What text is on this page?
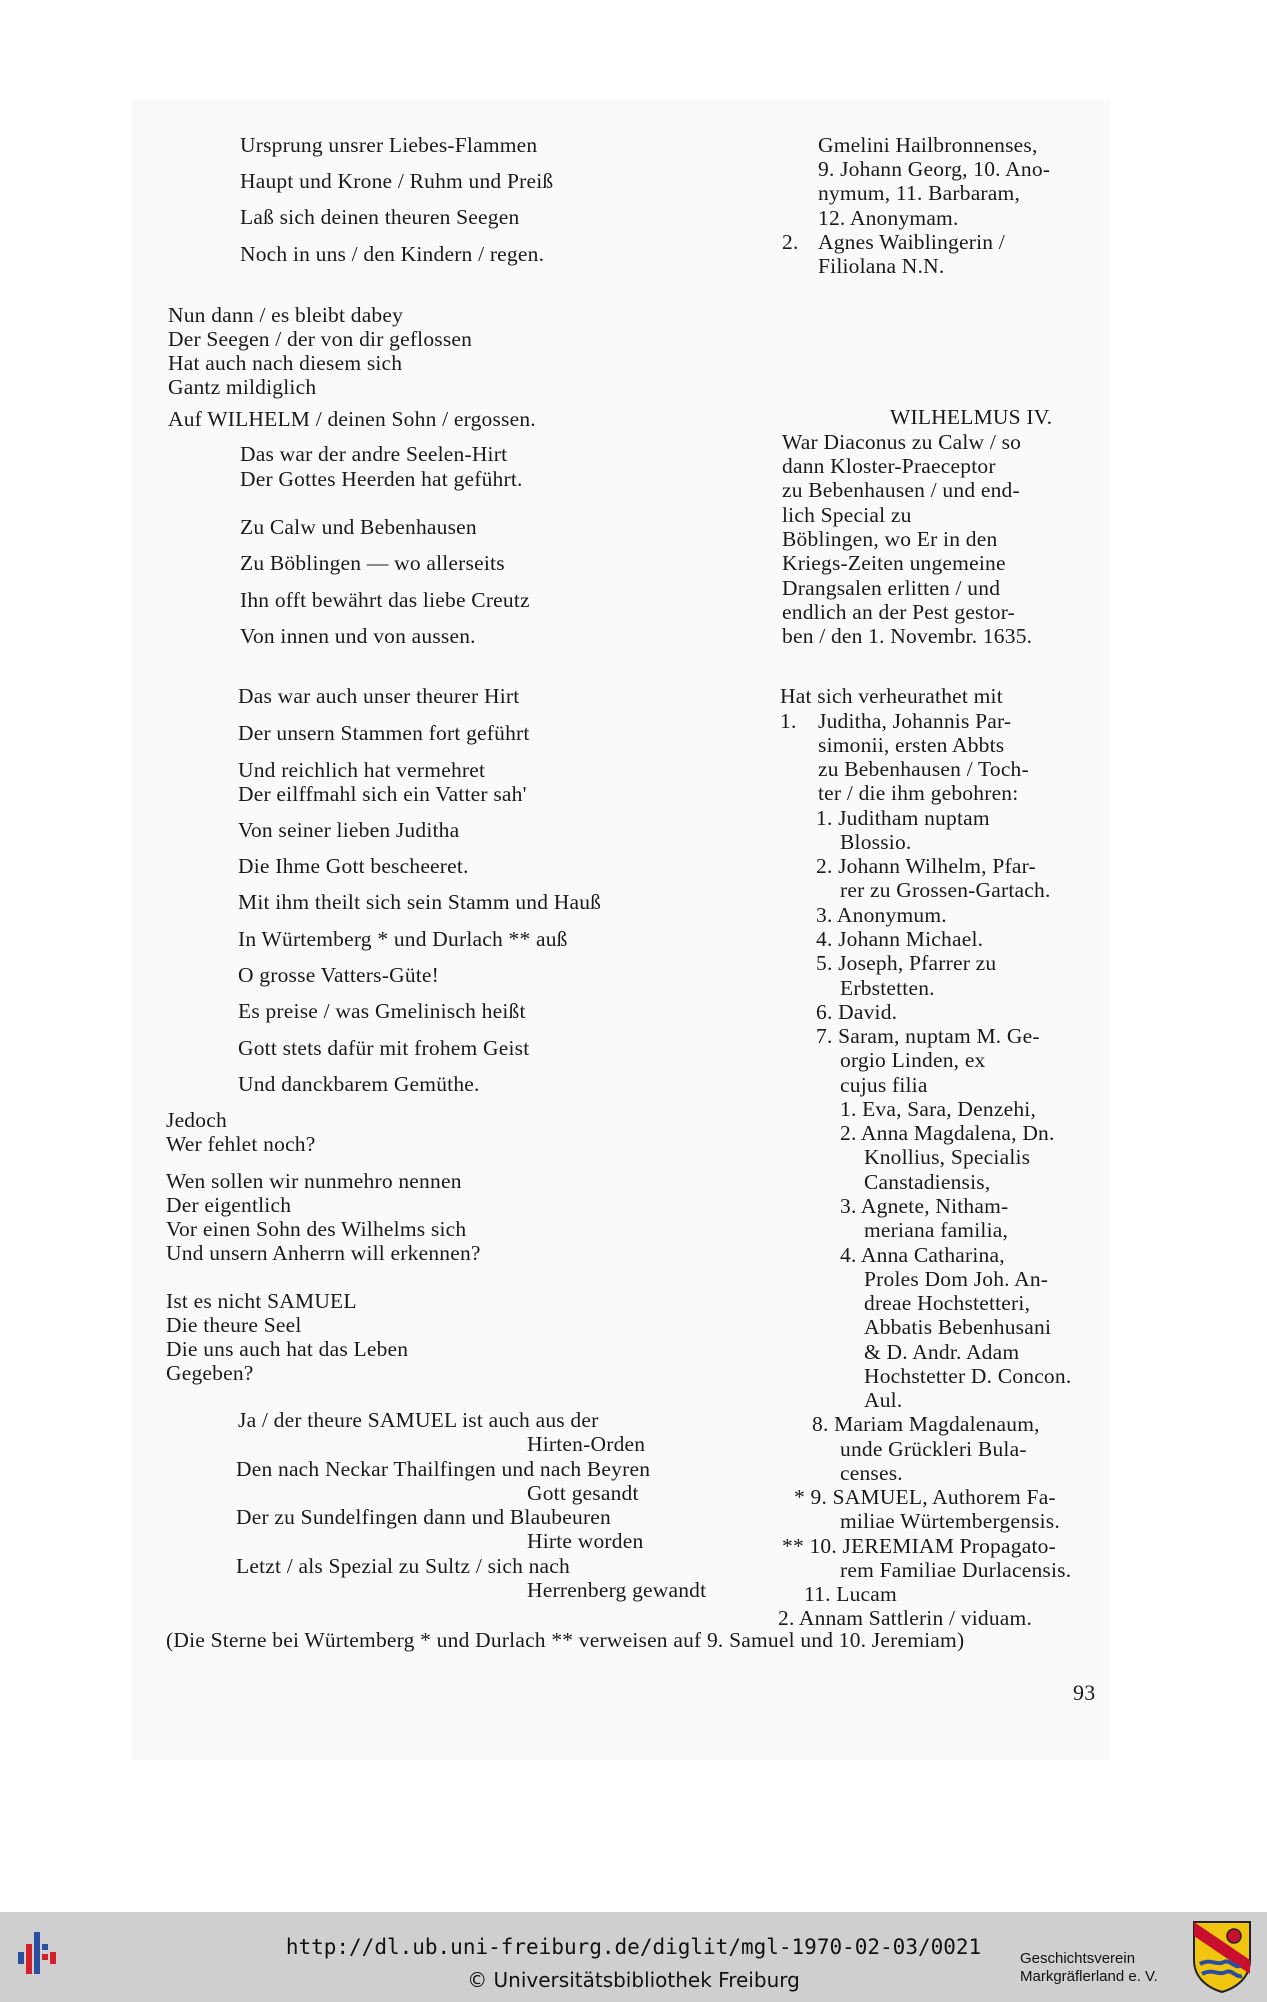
Ursprung unsrer Liebes-Flammen
Haupt und Krone / Ruhm und Preiß
Laß sich deinen theuren Seegen
Noch in uns / den Kindern / regen.
Nun dann / es bleibt dabey
Der Seegen / der von dir geflossen
Hat auch nach diesem sich
Gantz mildiglich
Auf WILHELM / deinen Sohn / ergossen.
Das war der andre Seelen-Hirt
Der Gottes Heerden hat geführt.
Zu Calw und Bebenhausen
Zu Böblingen — wo allerseits
Ihn offt bewährt das liebe Creutz
Von innen und von aussen.
Das war auch unser theurer Hirt
Der unsern Stammen fort geführt
Und reichlich hat vermehret
Der eilffmahl sich ein Vatter sah'
Von seiner lieben Juditha
Die Ihme Gott bescheeret.
Mit ihm theilt sich sein Stamm und Hauß
In Würtemberg * und Durlach ** auß
O grosse Vatters-Güte!
Es preise / was Gmelinisch heißt
Gott stets dafür mit frohem Geist
Und danckbarem Gemüthe.
Jedoch
Wer fehlet noch?
Wen sollen wir nunmehro nennen
Der eigentlich
Vor einen Sohn des Wilhelms sich
Und unsern Anherrn will erkennen?
Ist es nicht SAMUEL
Die theure Seel
Die uns auch hat das Leben
Gegeben?
Ja / der theure SAMUEL ist auch aus der
Hirten-Orden
Den nach Neckar Thailfingen und nach Beyren
Gott gesandt
Der zu Sundelfingen dann und Blaubeuren
Hirte worden
Letzt / als Spezial zu Sultz / sich nach
Herrenberg gewandt
Gmelini Hailbronnenses,
9. Johann Georg, 10. Ano-
nymum, 11. Barbaram,
12. Anonymam.
2. Agnes Waiblingerin /
Filiolana N.N.
WILHELMUS IV.
War Diaconus zu Calw / so
dann Kloster-Praeceptor
zu Bebenhausen / und end-
lich Special zu
Böblingen, wo Er in den
Kriegs-Zeiten ungemeine
Drangsalen erlitten / und
endlich an der Pest gestor-
ben / den 1. Novembr. 1635.
Hat sich verheurathet mit
1. Juditha, Johannis Par-
simonii, ersten Abbts
zu Bebenhausen / Toch-
ter / die ihm gebohren:
1. Juditham nuptam
Blossio.
2. Johann Wilhelm, Pfar-
rer zu Grossen-Gartach.
3. Anonymum.
4. Johann Michael.
5. Joseph, Pfarrer zu
Erbstetten.
6. David.
7. Saram, nuptam M. Ge-
orgio Linden, ex
cujus filia
1. Eva, Sara, Denzehi,
2. Anna Magdalena, Dn.
Knollius, Specialis
Canstadiensis,
3. Agnete, Nitham-
meriana familia,
4. Anna Catharina,
Proles Dom Joh. An-
dreae Hochstetteri,
Abbatis Bebenhusani
& D. Andr. Adam
Hochstetter D. Concon.
Aul.
8. Mariam Magdalenaum,
unde Grückleri Bula-
censes.
* 9. SAMUEL, Authorem Fa-
miliae Würtembergensis.
** 10. JEREMIAM Propagato-
rem Familiae Durlacensis.
11. Lucam
2. Annam Sattlerin / viduam.
(Die Sterne bei Würtemberg * und Durlach ** verweisen auf 9. Samuel und 10. Jeremiam)
93
http://dl.ub.uni-freiburg.de/diglit/mgl-1970-02-03/0021
© Universitätsbibliothek Freiburg
Geschichtsverein
Markgräflerland e. V.
